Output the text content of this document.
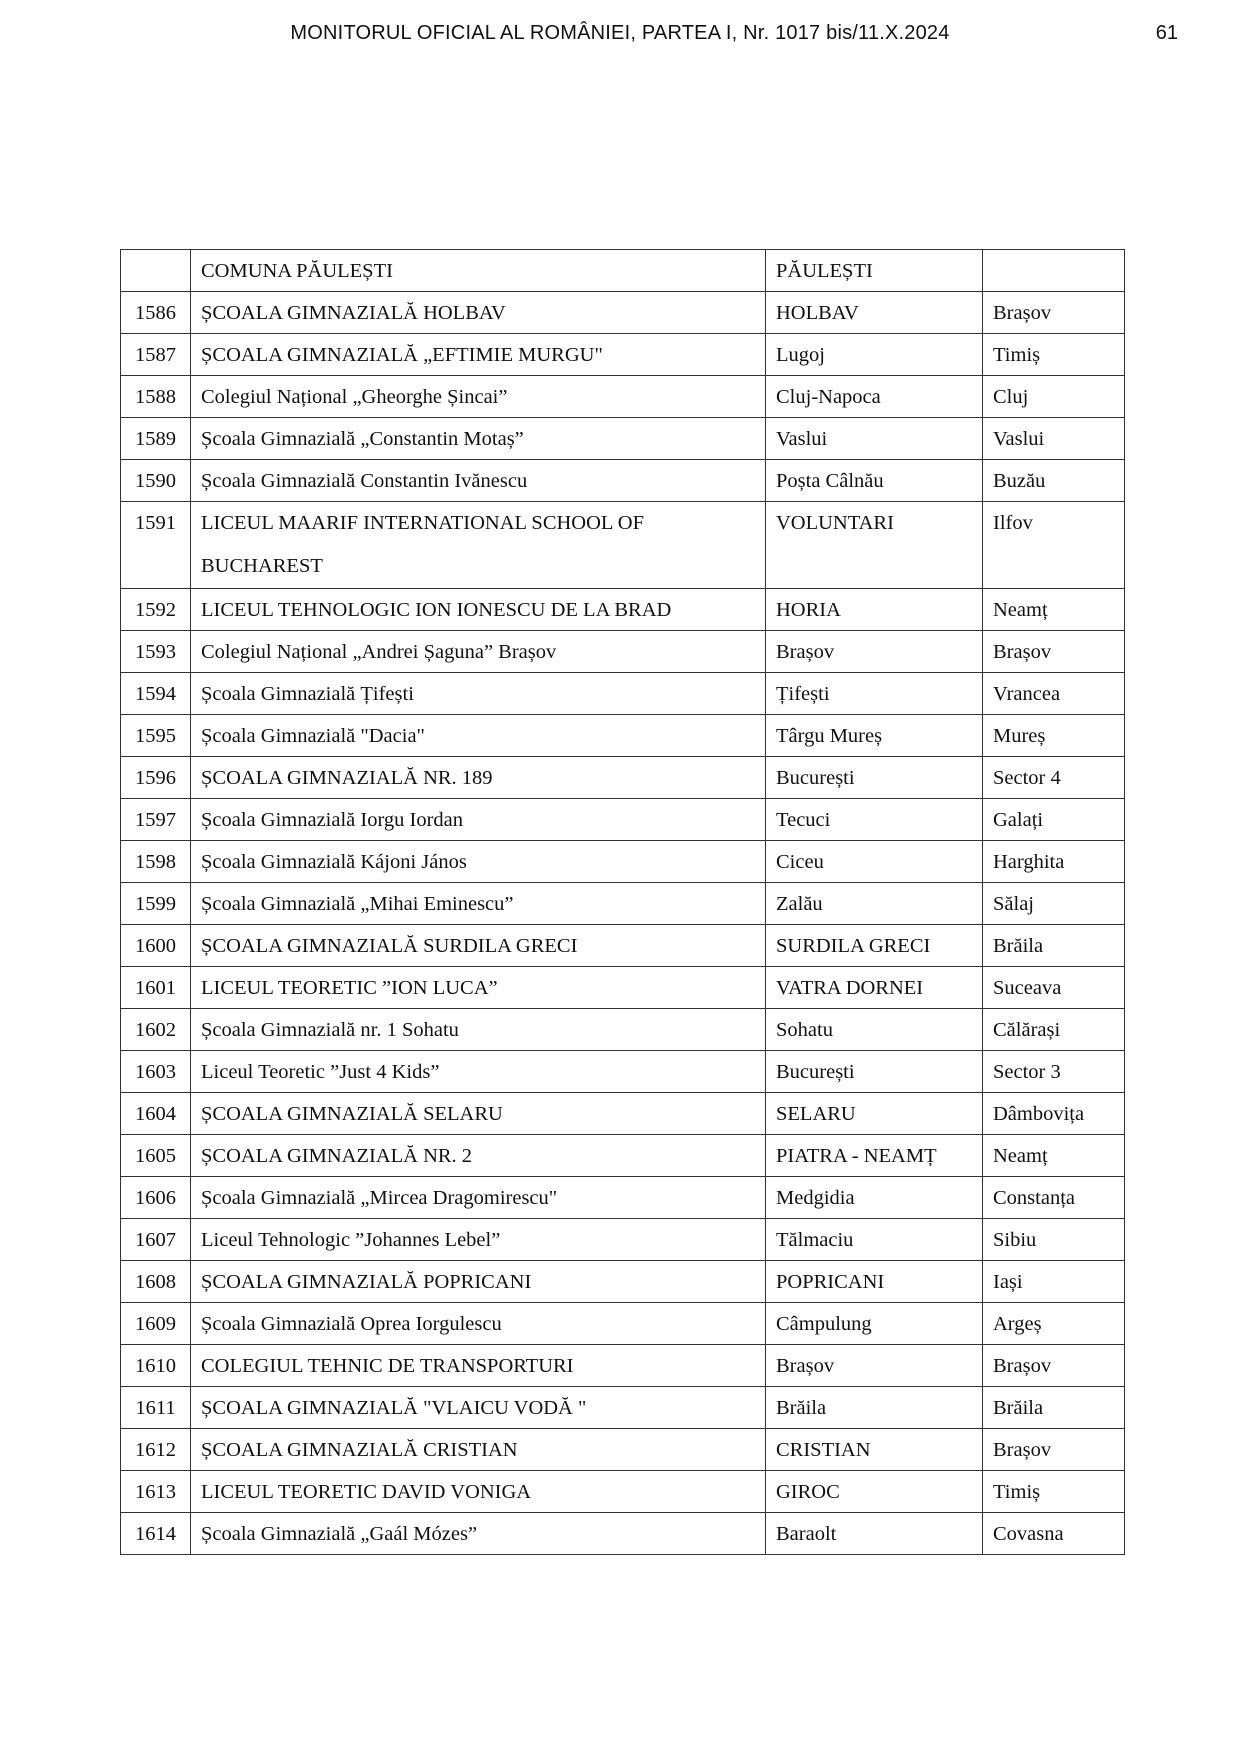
MONITORUL OFICIAL AL ROMÂNIEI, PARTEA I, Nr. 1017 bis/11.X.2024	61
	COMUNA PĂULEȘTI	PĂULEȘTI	
1586	ȘCOALA GIMNAZIALĂ HOLBAV	HOLBAV	Brașov
1587	ȘCOALA GIMNAZIALĂ „EFTIMIE MURGU"	Lugoj	Timiș
1588	Colegiul Național „Gheorghe Șincai”	Cluj-Napoca	Cluj
1589	Școala Gimnazială „Constantin Motaș”	Vaslui	Vaslui
1590	Școala Gimnazială Constantin Ivănescu	Poșta Câlnău	Buzău
1591	LICEUL MAARIF INTERNATIONAL SCHOOL OF BUCHAREST	VOLUNTARI	Ilfov
1592	LICEUL TEHNOLOGIC ION IONESCU DE LA BRAD	HORIA	Neamț
1593	Colegiul Național „Andrei Șaguna” Brașov	Brașov	Brașov
1594	Școala Gimnazială Țifești	Țifești	Vrancea
1595	Școala Gimnazială "Dacia"	Târgu Mureș	Mureș
1596	ȘCOALA GIMNAZIALĂ NR. 189	București	Sector 4
1597	Școala Gimnazială Iorgu Iordan	Tecuci	Galați
1598	Școala Gimnazială Kájoni János	Ciceu	Harghita
1599	Școala Gimnazială „Mihai Eminescu”	Zalău	Sălaj
1600	ȘCOALA GIMNAZIALĂ SURDILA GRECI	SURDILA GRECI	Brăila
1601	LICEUL TEORETIC ”ION LUCA”	VATRA DORNEI	Suceava
1602	Școala Gimnazială nr. 1 Sohatu	Sohatu	Călărași
1603	Liceul Teoretic ”Just 4 Kids”	București	Sector 3
1604	ȘCOALA GIMNAZIALĂ SELARU	SELARU	Dâmbovița
1605	ȘCOALA GIMNAZIALĂ NR. 2	PIATRA - NEAMȚ	Neamț
1606	Școala Gimnazială „Mircea Dragomirescu"	Medgidia	Constanța
1607	Liceul Tehnologic ”Johannes Lebel”	Tălmaciu	Sibiu
1608	ȘCOALA GIMNAZIALĂ POPRICANI	POPRICANI	Iași
1609	Școala Gimnazială Oprea Iorgulescu	Câmpulung	Argeș
1610	COLEGIUL TEHNIC DE TRANSPORTURI	Brașov	Brașov
1611	ȘCOALA GIMNAZIALĂ "VLAICU VODĂ "	Brăila	Brăila
1612	ȘCOALA GIMNAZIALĂ CRISTIAN	CRISTIAN	Brașov
1613	LICEUL TEORETIC DAVID VONIGA	GIROC	Timiș
1614	Școala Gimnazială „Gaál Mózes”	Baraolt	Covasna
